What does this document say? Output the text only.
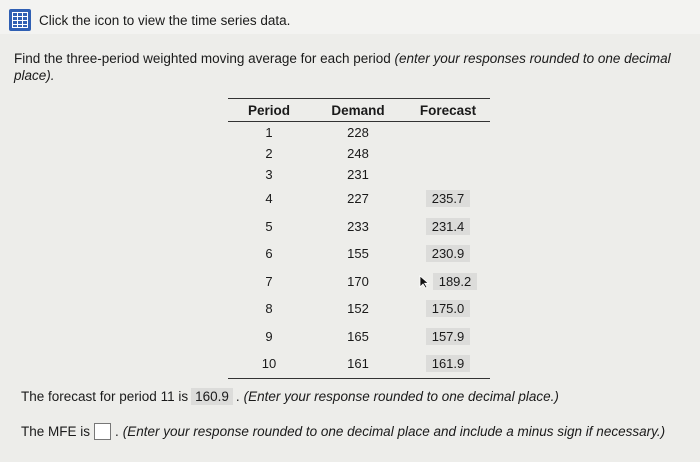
Click the icon to view the time series data.
Find the three-period weighted moving average for each period (enter your responses rounded to one decimal place).
Period	Demand	Forecast
1	228	
2	248	
3	231	
4	227	235.7
5	233	231.4
6	155	230.9
7	170	189.2
8	152	175.0
9	165	157.9
10	161	161.9
The forecast for period 11 is 160.9 . (Enter your response rounded to one decimal place.)
The MFE is . (Enter your response rounded to one decimal place and include a minus sign if necessary.)
